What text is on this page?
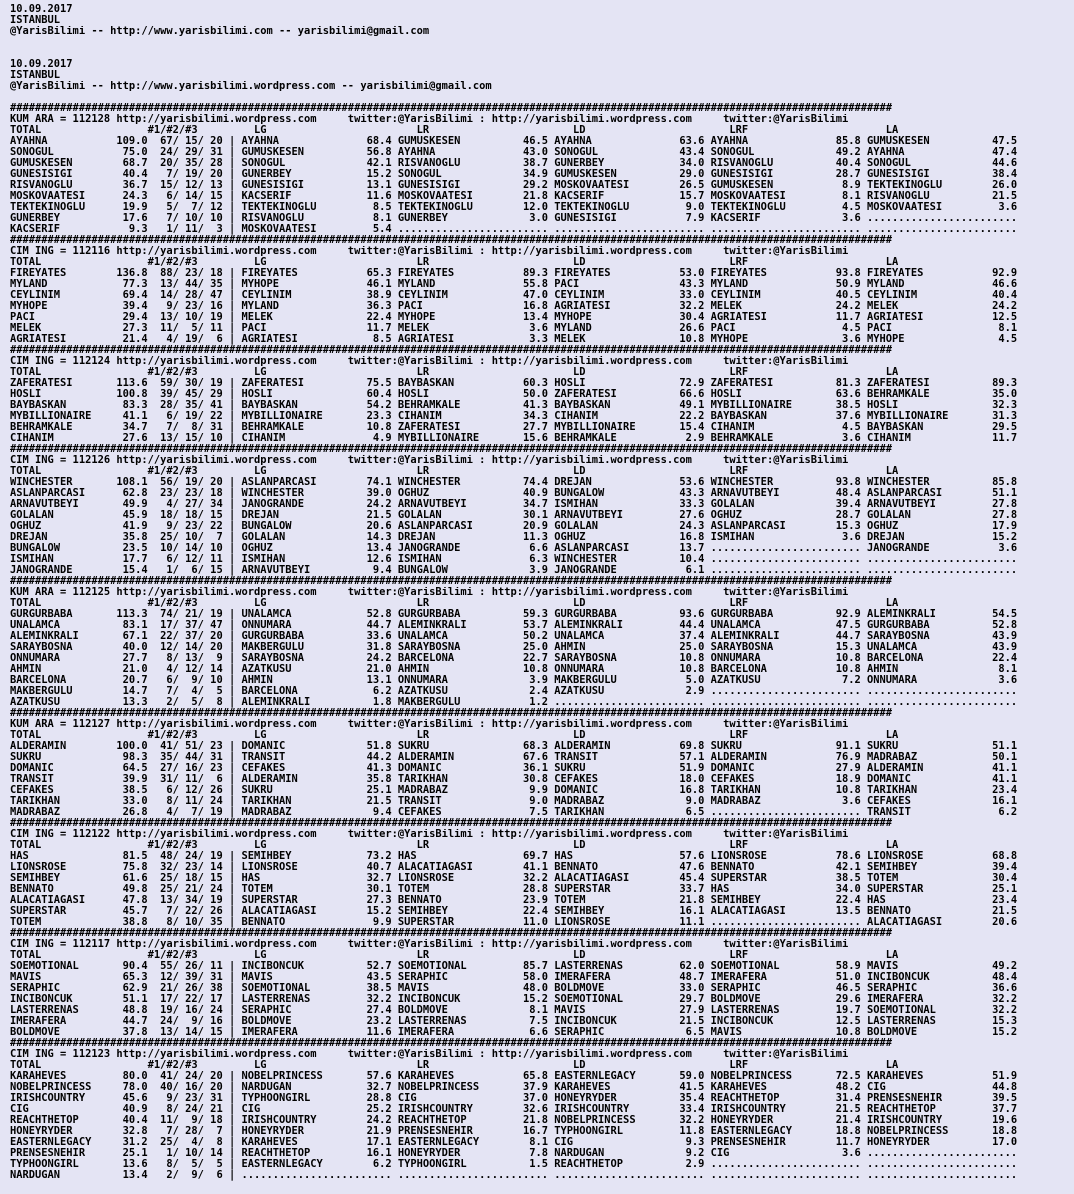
10.09.2017
ISTANBUL
@YarisBilimi -- http://www.yarisbilimi.com -- yarisbilimi@gmail.com

10.09.2017
ISTANBUL
@YarisBilimi -- http://www.yarisbilimi.wordpress.com -- yarisbilimi@gmail.com

#############################################################################################################################################
KUM ARA = 112128 http://yarisbilimi.wordpress.com     twitter:@YarisBilimi : http://yarisbilimi.wordpress.com     twitter:@YarisBilimi
TOTAL                 #1/#2/#3         LG                        LR                       LD                       LRF                      LA
AYAHNA           109.0  67/ 15/ 20 | AYAHNA              68.4 GUMUSKESEN          46.5 AYAHNA              63.6 AYAHNA              85.8 GUMUSKESEN          47.5
SONOGUL           75.0  24/ 29/ 31 | GUMUSKESEN          56.8 AYAHNA              43.0 SONOGUL             43.4 SONOGUL             49.2 AYAHNA              47.4
GUMUSKESEN        68.7  20/ 35/ 28 | SONOGUL             42.1 RISVANOGLU          38.7 GUNERBEY            34.0 RISVANOGLU          40.4 SONOGUL             44.6
GUNESISIGI        40.4   7/ 19/ 20 | GUNERBEY            15.2 SONOGUL             34.9 GUMUSKESEN          29.0 GUNESISIGI          28.7 GUNESISIGI          38.4
RISVANOGLU        36.7  15/ 12/ 13 | GUNESISIGI          13.1 GUNESISIGI          29.2 MOSKOVAATESI        26.5 GUMUSKESEN           8.9 TEKTEKINOGLU        26.0
MOSKOVAATESI      24.3   6/ 14/ 15 | KACSERIF            11.6 MOSKOVAATESI        21.8 KACSERIF            15.7 MOSKOVAATESI         8.1 RISVANOGLU          21.5
TEKTEKINOGLU      19.9   5/  7/ 12 | TEKTEKINOGLU         8.5 TEKTEKINOGLU        12.0 TEKTEKINOGLU         9.0 TEKTEKINOGLU         4.5 MOSKOVAATESI         3.6
GUNERBEY          17.6   7/ 10/ 10 | RISVANOGLU           8.1 GUNERBEY             3.0 GUNESISIGI           7.9 KACSERIF             3.6 ........................
KACSERIF           9.3   1/ 11/  3 | MOSKOVAATESI         5.4 ........................ ........................ ........................ ........................
#############################################################################################################################################
CIM ING = 112116 http://yarisbilimi.wordpress.com     twitter:@YarisBilimi : http://yarisbilimi.wordpress.com     twitter:@YarisBilimi
TOTAL                 #1/#2/#3         LG                        LR                       LD                       LRF                      LA
FIREYATES        136.8  88/ 23/ 18 | FIREYATES           65.3 FIREYATES           89.3 FIREYATES           53.0 FIREYATES           93.8 FIREYATES           92.9
MYLAND            77.3  13/ 44/ 35 | MYHOPE              46.1 MYLAND              55.8 PACI                43.3 MYLAND              50.9 MYLAND              46.6
CEYLINIM          69.4  14/ 28/ 47 | CEYLINIM            38.9 CEYLINIM            47.0 CEYLINIM            33.0 CEYLINIM            40.5 CEYLINIM            40.4
MYHOPE            39.4   9/ 23/ 16 | MYLAND              36.3 PACI                16.8 AGRIATESI           32.2 MELEK               24.2 MELEK               24.2
PACI              29.4  13/ 10/ 19 | MELEK               22.4 MYHOPE              13.4 MYHOPE              30.4 AGRIATESI           11.7 AGRIATESI           12.5
MELEK             27.3  11/  5/ 11 | PACI                11.7 MELEK                3.6 MYLAND              26.6 PACI                 4.5 PACI                 8.1
AGRIATESI         21.4   4/ 19/  6 | AGRIATESI            8.5 AGRIATESI            3.3 MELEK               10.8 MYHOPE               3.6 MYHOPE               4.5
#############################################################################################################################################
CIM ING = 112124 http://yarisbilimi.wordpress.com     twitter:@YarisBilimi : http://yarisbilimi.wordpress.com     twitter:@YarisBilimi
TOTAL                 #1/#2/#3         LG                        LR                       LD                       LRF                      LA
ZAFERATESI       113.6  59/ 30/ 19 | ZAFERATESI          75.5 BAYBASKAN           60.3 HOSLI               72.9 ZAFERATESI          81.3 ZAFERATESI          89.3
HOSLI            100.8  39/ 45/ 29 | HOSLI               60.4 HOSLI               50.0 ZAFERATESI          66.6 HOSLI               63.6 BEHRAMKALE          35.0
BAYBASKAN         83.3  28/ 35/ 41 | BAYBASKAN           54.2 BEHRAMKALE          41.3 BAYBASKAN           49.1 MYBILLIONAIRE       38.5 HOSLI               32.3
MYBILLIONAIRE     41.1   6/ 19/ 22 | MYBILLIONAIRE       23.3 CIHANIM             34.3 CIHANIM             22.2 BAYBASKAN           37.6 MYBILLIONAIRE       31.3
BEHRAMKALE        34.7   7/  8/ 31 | BEHRAMKALE          10.8 ZAFERATESI          27.7 MYBILLIONAIRE       15.4 CIHANIM              4.5 BAYBASKAN           29.5
CIHANIM           27.6  13/ 15/ 10 | CIHANIM              4.9 MYBILLIONAIRE       15.6 BEHRAMKALE           2.9 BEHRAMKALE           3.6 CIHANIM             11.7
#############################################################################################################################################
CIM ING = 112126 http://yarisbilimi.wordpress.com     twitter:@YarisBilimi : http://yarisbilimi.wordpress.com     twitter:@YarisBilimi
TOTAL                 #1/#2/#3         LG                        LR                       LD                       LRF                      LA
WINCHESTER       108.1  56/ 19/ 20 | ASLANPARCASI        74.1 WINCHESTER          74.4 DREJAN              53.6 WINCHESTER          93.8 WINCHESTER          85.8
ASLANPARCASI      62.8  23/ 23/ 18 | WINCHESTER          39.0 OGHUZ               40.9 BUNGALOW            43.3 ARNAVUTBEYI         48.4 ASLANPARCASI        51.1
ARNAVUTBEYI       49.9   4/ 27/ 34 | JANOGRANDE          24.2 ARNAVUTBEYI         34.7 ISMIHAN             33.3 GOLALAN             39.4 ARNAVUTBEYI         27.8
GOLALAN           45.9  18/ 18/ 15 | DREJAN              21.5 GOLALAN             30.1 ARNAVUTBEYI         27.6 OGHUZ               28.7 GOLALAN             27.8
OGHUZ             41.9   9/ 23/ 22 | BUNGALOW            20.6 ASLANPARCASI        20.9 GOLALAN             24.3 ASLANPARCASI        15.3 OGHUZ               17.9
DREJAN            35.8  25/ 10/  7 | GOLALAN             14.3 DREJAN              11.3 OGHUZ               16.8 ISMIHAN              3.6 DREJAN              15.2
BUNGALOW          23.5  10/ 14/ 10 | OGHUZ               13.4 JANOGRANDE           6.6 ASLANPARCASI        13.7 ........................ JANOGRANDE           3.6
ISMIHAN           17.7   6/ 12/ 11 | ISMIHAN             12.6 ISMIHAN              6.3 WINCHESTER          10.4 ........................ ........................
JANOGRANDE        15.4   1/  6/ 15 | ARNAVUTBEYI          9.4 BUNGALOW             3.9 JANOGRANDE           6.1 ........................ ........................
#############################################################################################################################################
KUM ARA = 112125 http://yarisbilimi.wordpress.com     twitter:@YarisBilimi : http://yarisbilimi.wordpress.com     twitter:@YarisBilimi
TOTAL                 #1/#2/#3         LG                        LR                       LD                       LRF                      LA
GURGURBABA       113.3  74/ 21/ 19 | UNALAMCA            52.8 GURGURBABA          59.3 GURGURBABA          93.6 GURGURBABA          92.9 ALEMINKRALI         54.5
UNALAMCA          83.1  17/ 37/ 47 | ONNUMARA            44.7 ALEMINKRALI         53.7 ALEMINKRALI         44.4 UNALAMCA            47.5 GURGURBABA          52.8
ALEMINKRALI       67.1  22/ 37/ 20 | GURGURBABA          33.6 UNALAMCA            50.2 UNALAMCA            37.4 ALEMINKRALI         44.7 SARAYBOSNA          43.9
SARAYBOSNA        40.0  12/ 14/ 20 | MAKBERGULU          31.8 SARAYBOSNA          25.0 AHMIN               25.0 SARAYBOSNA          15.3 UNALAMCA            43.9
ONNUMARA          27.7   8/ 13/  9 | SARAYBOSNA          24.2 BARCELONA           22.7 SARAYBOSNA          10.8 ONNUMARA            10.8 BARCELONA           22.4
AHMIN             21.0   4/ 12/ 14 | AZATKUSU            21.0 AHMIN               10.8 ONNUMARA            10.8 BARCELONA           10.8 AHMIN                8.1
BARCELONA         20.7   6/  9/ 10 | AHMIN               13.1 ONNUMARA             3.9 MAKBERGULU           5.0 AZATKUSU             7.2 ONNUMARA             3.6
MAKBERGULU        14.7   7/  4/  5 | BARCELONA            6.2 AZATKUSU             2.4 AZATKUSU             2.9 ........................ ........................
AZATKUSU          13.3   2/  5/  8 | ALEMINKRALI          1.8 MAKBERGULU           1.2 ........................ ........................ ........................
#############################################################################################################################################
KUM ARA = 112127 http://yarisbilimi.wordpress.com     twitter:@YarisBilimi : http://yarisbilimi.wordpress.com     twitter:@YarisBilimi
TOTAL                 #1/#2/#3         LG                        LR                       LD                       LRF                      LA
ALDERAMIN        100.0  41/ 51/ 23 | DOMANIC             51.8 SUKRU               68.3 ALDERAMIN           69.8 SUKRU               91.1 SUKRU               51.1
SUKRU             98.3  35/ 44/ 31 | TRANSIT             44.2 ALDERAMIN           67.6 TRANSIT             57.1 ALDERAMIN           76.9 MADRABAZ            50.1
DOMANIC           64.5  27/ 16/ 23 | CEFAKES             41.3 DOMANIC             36.1 SUKRU               51.9 DOMANIC             27.9 ALDERAMIN           41.1
TRANSIT           39.9  31/ 11/  6 | ALDERAMIN           35.8 TARIKHAN            30.8 CEFAKES             18.0 CEFAKES             18.9 DOMANIC             41.1
CEFAKES           38.5   6/ 12/ 26 | SUKRU               25.1 MADRABAZ             9.9 DOMANIC             16.8 TARIKHAN            10.8 TARIKHAN            23.4
TARIKHAN          33.0   8/ 11/ 24 | TARIKHAN            21.5 TRANSIT              9.0 MADRABAZ             9.0 MADRABAZ             3.6 CEFAKES             16.1
MADRABAZ          26.8   4/  7/ 19 | MADRABAZ             9.4 CEFAKES              7.5 TARIKHAN             6.5 ........................ TRANSIT              6.2
#############################################################################################################################################
CIM ING = 112122 http://yarisbilimi.wordpress.com     twitter:@YarisBilimi : http://yarisbilimi.wordpress.com     twitter:@YarisBilimi
TOTAL                 #1/#2/#3         LG                        LR                       LD                       LRF                      LA
HAS               81.5  48/ 24/ 19 | SEMIHBEY            73.2 HAS                 69.7 HAS                 57.6 LIONSROSE           78.6 LIONSROSE           68.8
LIONSROSE         75.8  32/ 23/ 14 | LIONSROSE           40.7 ALACATIAGASI        41.1 BENNATO             47.6 BENNATO             42.1 SEMIHBEY            39.4
SEMIHBEY          61.6  25/ 18/ 15 | HAS                 32.7 LIONSROSE           32.2 ALACATIAGASI        45.4 SUPERSTAR           38.5 TOTEM               30.4
BENNATO           49.8  25/ 21/ 24 | TOTEM               30.1 TOTEM               28.8 SUPERSTAR           33.7 HAS                 34.0 SUPERSTAR           25.1
ALACATIAGASI      47.8  13/ 34/ 19 | SUPERSTAR           27.3 BENNATO             23.9 TOTEM               21.8 SEMIHBEY            22.4 HAS                 23.4
SUPERSTAR         45.7   7/ 22/ 26 | ALACATIAGASI        15.2 SEMIHBEY            22.4 SEMIHBEY            16.1 ALACATIAGASI        13.5 BENNATO             21.5
TOTEM             38.8   8/ 10/ 35 | BENNATO              9.9 SUPERSTAR           11.0 LIONSROSE           11.1 ........................ ALACATIAGASI        20.6
#############################################################################################################################################
CIM ING = 112117 http://yarisbilimi.wordpress.com     twitter:@YarisBilimi : http://yarisbilimi.wordpress.com     twitter:@YarisBilimi
TOTAL                 #1/#2/#3         LG                        LR                       LD                       LRF                      LA
SOEMOTIONAL       90.4  55/ 26/ 11 | INCIBONCUK          52.7 SOEMOTIONAL         85.7 LASTERRENAS         62.0 SOEMOTIONAL         58.9 MAVIS               49.2
MAVIS             65.3  12/ 39/ 31 | MAVIS               43.5 SERAPHIC            58.0 IMERAFERA           48.7 IMERAFERA           51.0 INCIBONCUK          48.4
SERAPHIC          62.9  21/ 26/ 38 | SOEMOTIONAL         38.5 MAVIS               48.0 BOLDMOVE            33.0 SERAPHIC            46.5 SERAPHIC            36.6
INCIBONCUK        51.1  17/ 22/ 17 | LASTERRENAS         32.2 INCIBONCUK          15.2 SOEMOTIONAL         29.7 BOLDMOVE            29.6 IMERAFERA           32.2
LASTERRENAS       48.8  19/ 16/ 24 | SERAPHIC            27.4 BOLDMOVE             8.1 MAVIS               27.9 LASTERRENAS         19.7 SOEMOTIONAL         32.2
IMERAFERA         44.7  24/  9/ 16 | BOLDMOVE            23.2 LASTERRENAS          7.5 INCIBONCUK          21.5 INCIBONCUK          12.5 LASTERRENAS         15.3
BOLDMOVE          37.8  13/ 14/ 15 | IMERAFERA           11.6 IMERAFERA            6.6 SERAPHIC             6.5 MAVIS               10.8 BOLDMOVE            15.2
#############################################################################################################################################
CIM ING = 112123 http://yarisbilimi.wordpress.com     twitter:@YarisBilimi : http://yarisbilimi.wordpress.com     twitter:@YarisBilimi
TOTAL                 #1/#2/#3         LG                        LR                       LD                       LRF                      LA
KARAHEVES         80.0  41/ 24/ 20 | NOBELPRINCESS       57.6 KARAHEVES           65.8 EASTERNLEGACY       59.0 NOBELPRINCESS       72.5 KARAHEVES           51.9
NOBELPRINCESS     78.0  40/ 16/ 20 | NARDUGAN            32.7 NOBELPRINCESS       37.9 KARAHEVES           41.5 KARAHEVES           48.2 CIG                 44.8
IRISHCOUNTRY      45.6   9/ 23/ 31 | TYPHOONGIRL         28.8 CIG                 37.0 HONEYRYDER          35.4 REACHTHETOP         31.4 PRENSESNEHIR        39.5
CIG               40.9   8/ 24/ 21 | CIG                 25.2 IRISHCOUNTRY        32.6 IRISHCOUNTRY        33.4 IRISHCOUNTRY        21.5 REACHTHETOP         37.7
REACHTHETOP       40.4  11/  9/ 18 | IRISHCOUNTRY        24.2 REACHTHETOP         21.8 NOBELPRINCESS       32.2 HONEYRYDER          21.4 IRISHCOUNTRY        19.6
HONEYRYDER        32.8   7/ 28/  7 | HONEYRYDER          21.9 PRENSESNEHIR        16.7 TYPHOONGIRL         11.8 EASTERNLEGACY       18.8 NOBELPRINCESS       18.8
EASTERNLEGACY     31.2  25/  4/  8 | KARAHEVES           17.1 EASTERNLEGACY        8.1 CIG                  9.3 PRENSESNEHIR        11.7 HONEYRYDER          17.0
PRENSESNEHIR      25.1   1/ 10/ 14 | REACHTHETOP         16.1 HONEYRYDER           7.8 NARDUGAN             9.2 CIG                  3.6 ........................
TYPHOONGIRL       13.6   8/  5/  5 | EASTERNLEGACY        6.2 TYPHOONGIRL          1.5 REACHTHETOP          2.9 ........................ ........................
NARDUGAN          13.4   2/  9/  6 | ........................ ........................ ........................ ........................ ........................
